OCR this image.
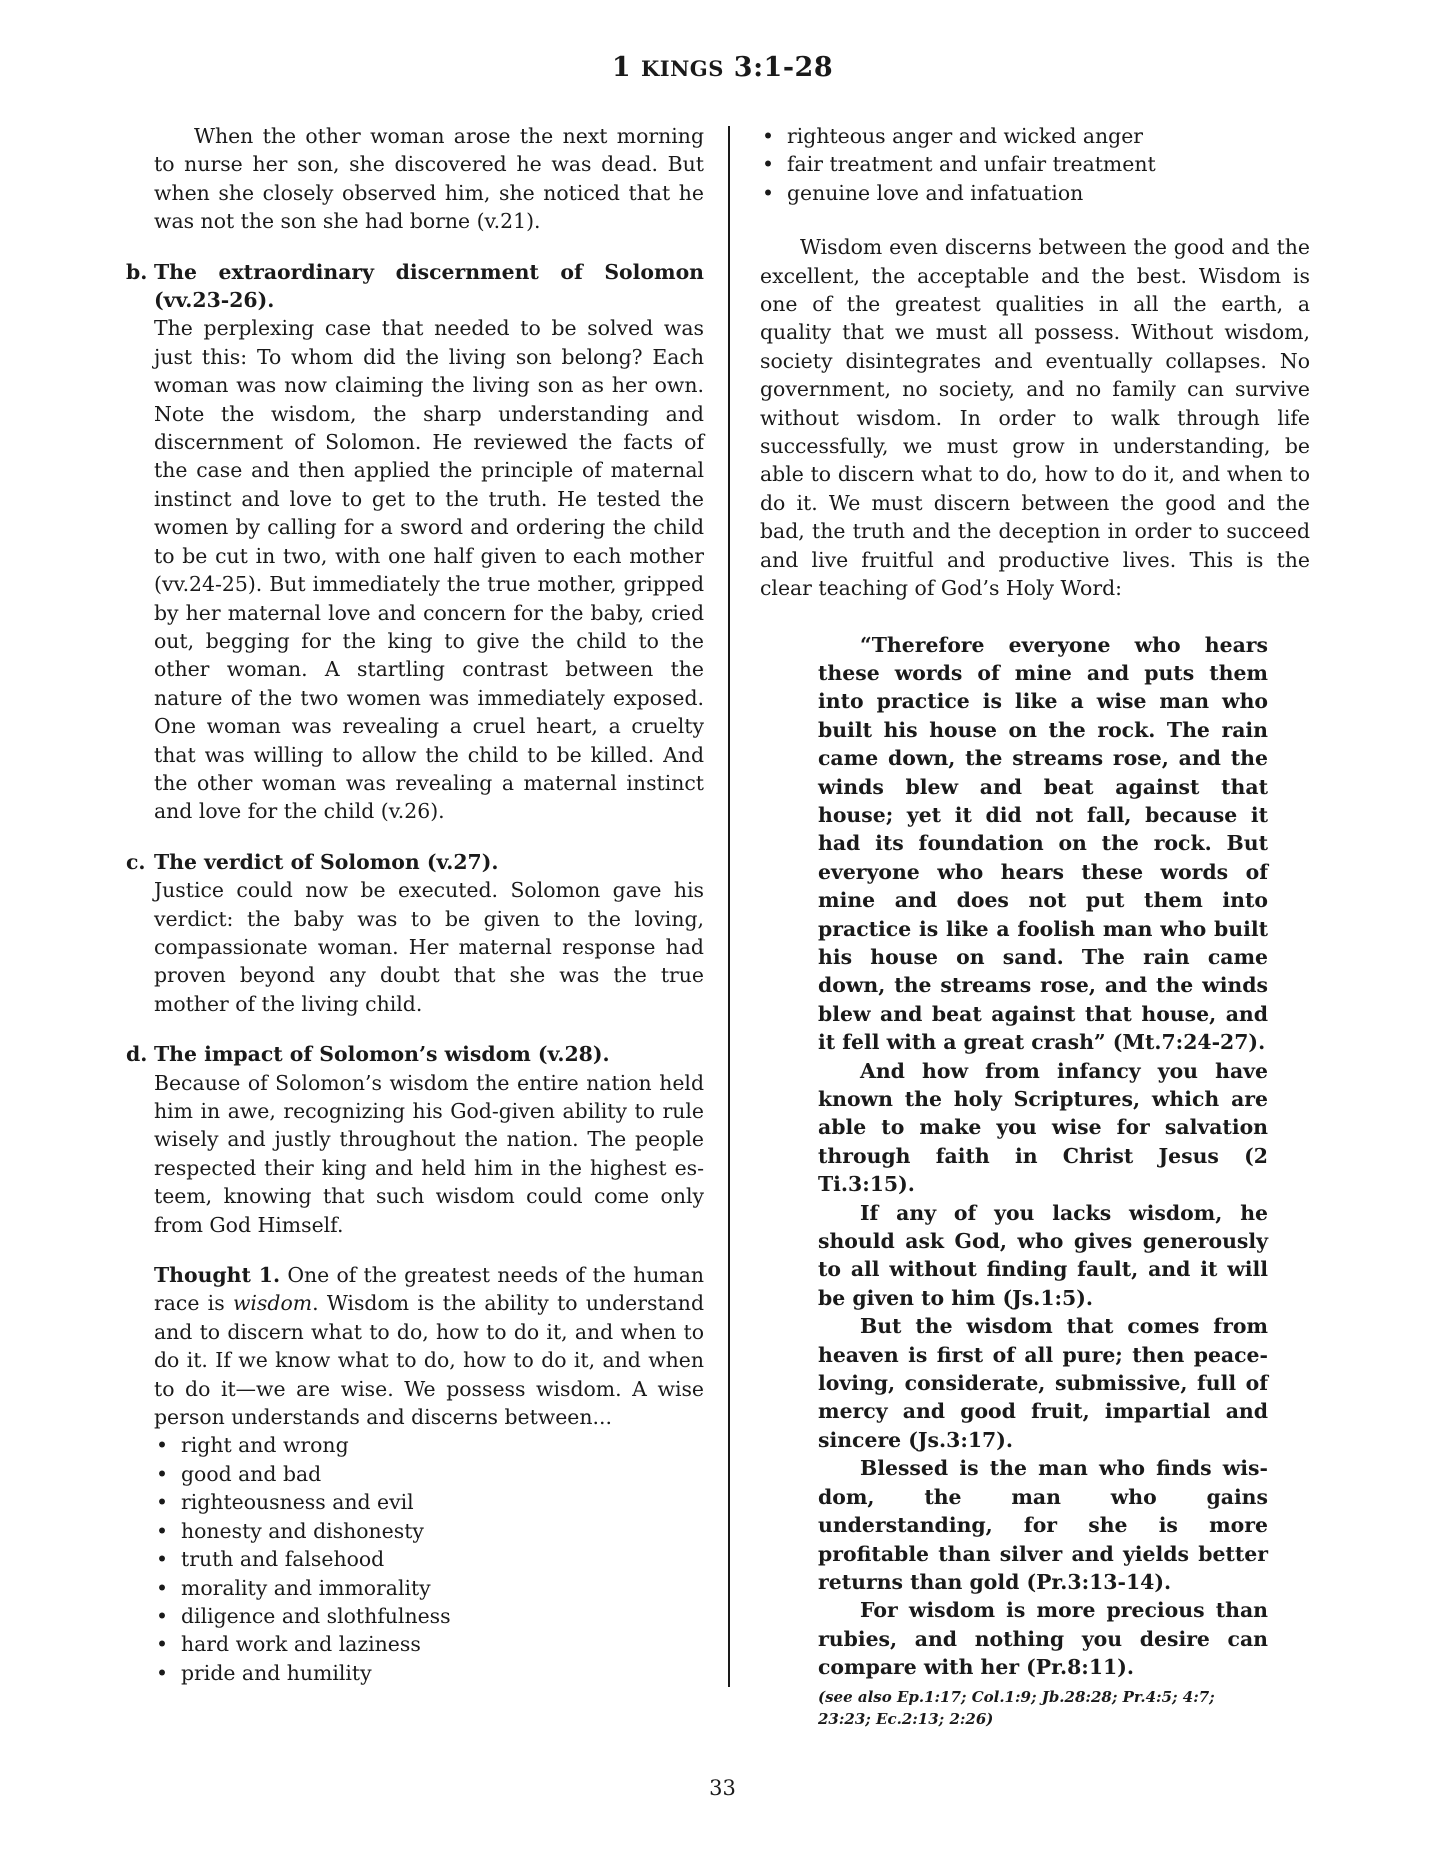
1 KINGS 3:1-28

When the other woman arose the next morning to nurse her son, she discovered he was dead. But when she closely observed him, she noticed that he was not the son she had borne (v.21).

b. The extraordinary discernment of Solomon (vv.23-26).

The perplexing case that needed to be solved was just this: To whom did the living son belong? Each woman was now claiming the living son as her own. Note the wisdom, the sharp understanding and discernment of Solomon. He reviewed the facts of the case and then applied the principle of maternal instinct and love to get to the truth. He tested the women by calling for a sword and ordering the child to be cut in two, with one half given to each mother (vv.24-25). But immediately the true mother, gripped by her maternal love and concern for the baby, cried out, begging for the king to give the child to the other woman. A startling contrast between the nature of the two women was immediately exposed. One woman was revealing a cruel heart, a cruelty that was willing to allow the child to be killed. And the other woman was revealing a maternal instinct and love for the child (v.26).

c. The verdict of Solomon (v.27).

Justice could now be executed. Solomon gave his verdict: the baby was to be given to the loving, compassionate woman. Her maternal response had proven beyond any doubt that she was the true mother of the living child.

d. The impact of Solomon’s wisdom (v.28).

Because of Solomon’s wisdom the entire nation held him in awe, recognizing his God-given ability to rule wisely and justly throughout the nation. The people respected their king and held him in the highest esteem, knowing that such wisdom could come only from God Himself.

Thought 1. One of the greatest needs of the human race is wisdom. Wisdom is the ability to understand and to discern what to do, how to do it, and when to do it. If we know what to do, how to do it, and when to do it—we are wise. We possess wisdom. A wise person understands and discerns between...

• right and wrong
• good and bad
• righteousness and evil
• honesty and dishonesty
• truth and falsehood
• morality and immorality
• diligence and slothfulness
• hard work and laziness
• pride and humility
• righteous anger and wicked anger
• fair treatment and unfair treatment
• genuine love and infatuation

Wisdom even discerns between the good and the excellent, the acceptable and the best. Wisdom is one of the greatest qualities in all the earth, a quality that we must all possess. Without wisdom, society disintegrates and eventually collapses. No government, no society, and no family can survive without wisdom. In order to walk through life successfully, we must grow in understanding, be able to discern what to do, how to do it, and when to do it. We must discern between the good and the bad, the truth and the deception in order to succeed and live fruitful and productive lives. This is the clear teaching of God’s Holy Word:

“Therefore everyone who hears these words of mine and puts them into practice is like a wise man who built his house on the rock. The rain came down, the streams rose, and the winds blew and beat against that house; yet it did not fall, because it had its foundation on the rock. But everyone who hears these words of mine and does not put them into practice is like a foolish man who built his house on sand. The rain came down, the streams rose, and the winds blew and beat against that house, and it fell with a great crash” (Mt.7:24-27).

And how from infancy you have known the holy Scriptures, which are able to make you wise for salvation through faith in Christ Jesus (2 Ti.3:15).

If any of you lacks wisdom, he should ask God, who gives generously to all without finding fault, and it will be given to him (Js.1:5).

But the wisdom that comes from heaven is first of all pure; then peace-loving, considerate, submissive, full of mercy and good fruit, impartial and sincere (Js.3:17).

Blessed is the man who finds wisdom, the man who gains understanding, for she is more profitable than silver and yields better returns than gold (Pr.3:13-14).

For wisdom is more precious than rubies, and nothing you desire can compare with her (Pr.8:11).

(see also Ep.1:17; Col.1:9; Jb.28:28; Pr.4:5; 4:7; 23:23; Ec.2:13; 2:26)

33
